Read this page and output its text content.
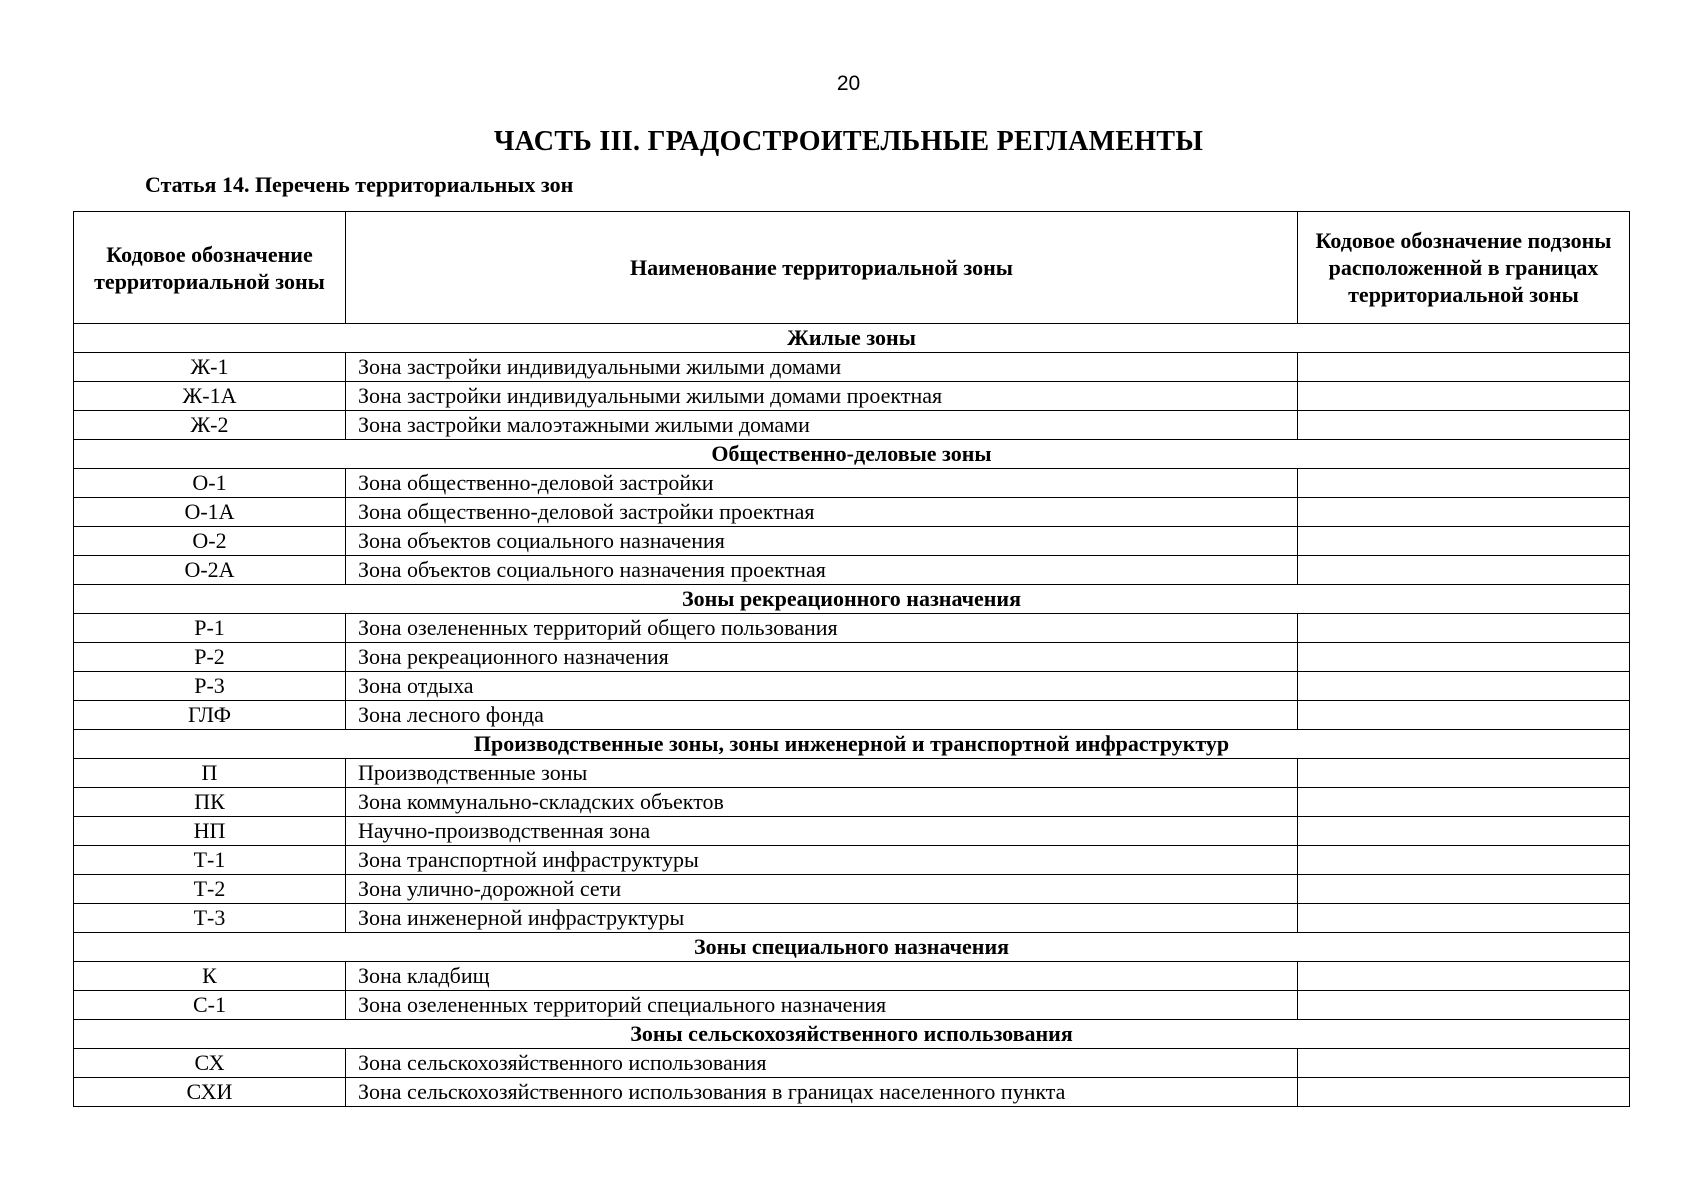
20
ЧАСТЬ III. ГРАДОСТРОИТЕЛЬНЫЕ РЕГЛАМЕНТЫ
Статья 14. Перечень территориальных зон
Кодовое обозначение территориальной зоны	Наименование территориальной зоны	Кодовое обозначение подзоны расположенной в границах территориальной зоны
Жилые зоны		
Ж-1	Зона застройки индивидуальными жилыми домами	
Ж-1А	Зона застройки индивидуальными жилыми домами проектная	
Ж-2	Зона застройки малоэтажными жилыми домами	
Общественно-деловые зоны		
О-1	Зона общественно-деловой застройки	
О-1А	Зона общественно-деловой застройки проектная	
О-2	Зона объектов социального назначения	
О-2А	Зона объектов социального назначения проектная	
Зоны рекреационного назначения		
Р-1	Зона озелененных территорий общего пользования	
Р-2	Зона рекреационного назначения	
Р-3	Зона отдыха	
ГЛФ	Зона лесного фонда	
Производственные зоны, зоны инженерной и транспортной инфраструктур		
П	Производственные зоны	
ПК	Зона коммунально-складских объектов	
НП	Научно-производственная зона	
Т-1	Зона транспортной инфраструктуры	
Т-2	Зона улично-дорожной сети	
Т-3	Зона инженерной инфраструктуры	
Зоны специального назначения		
К	Зона кладбищ	
С-1	Зона озелененных территорий специального назначения	
Зоны сельскохозяйственного использования		
СХ	Зона сельскохозяйственного использования	
СХИ	Зона сельскохозяйственного использования в границах населенного пункта	
